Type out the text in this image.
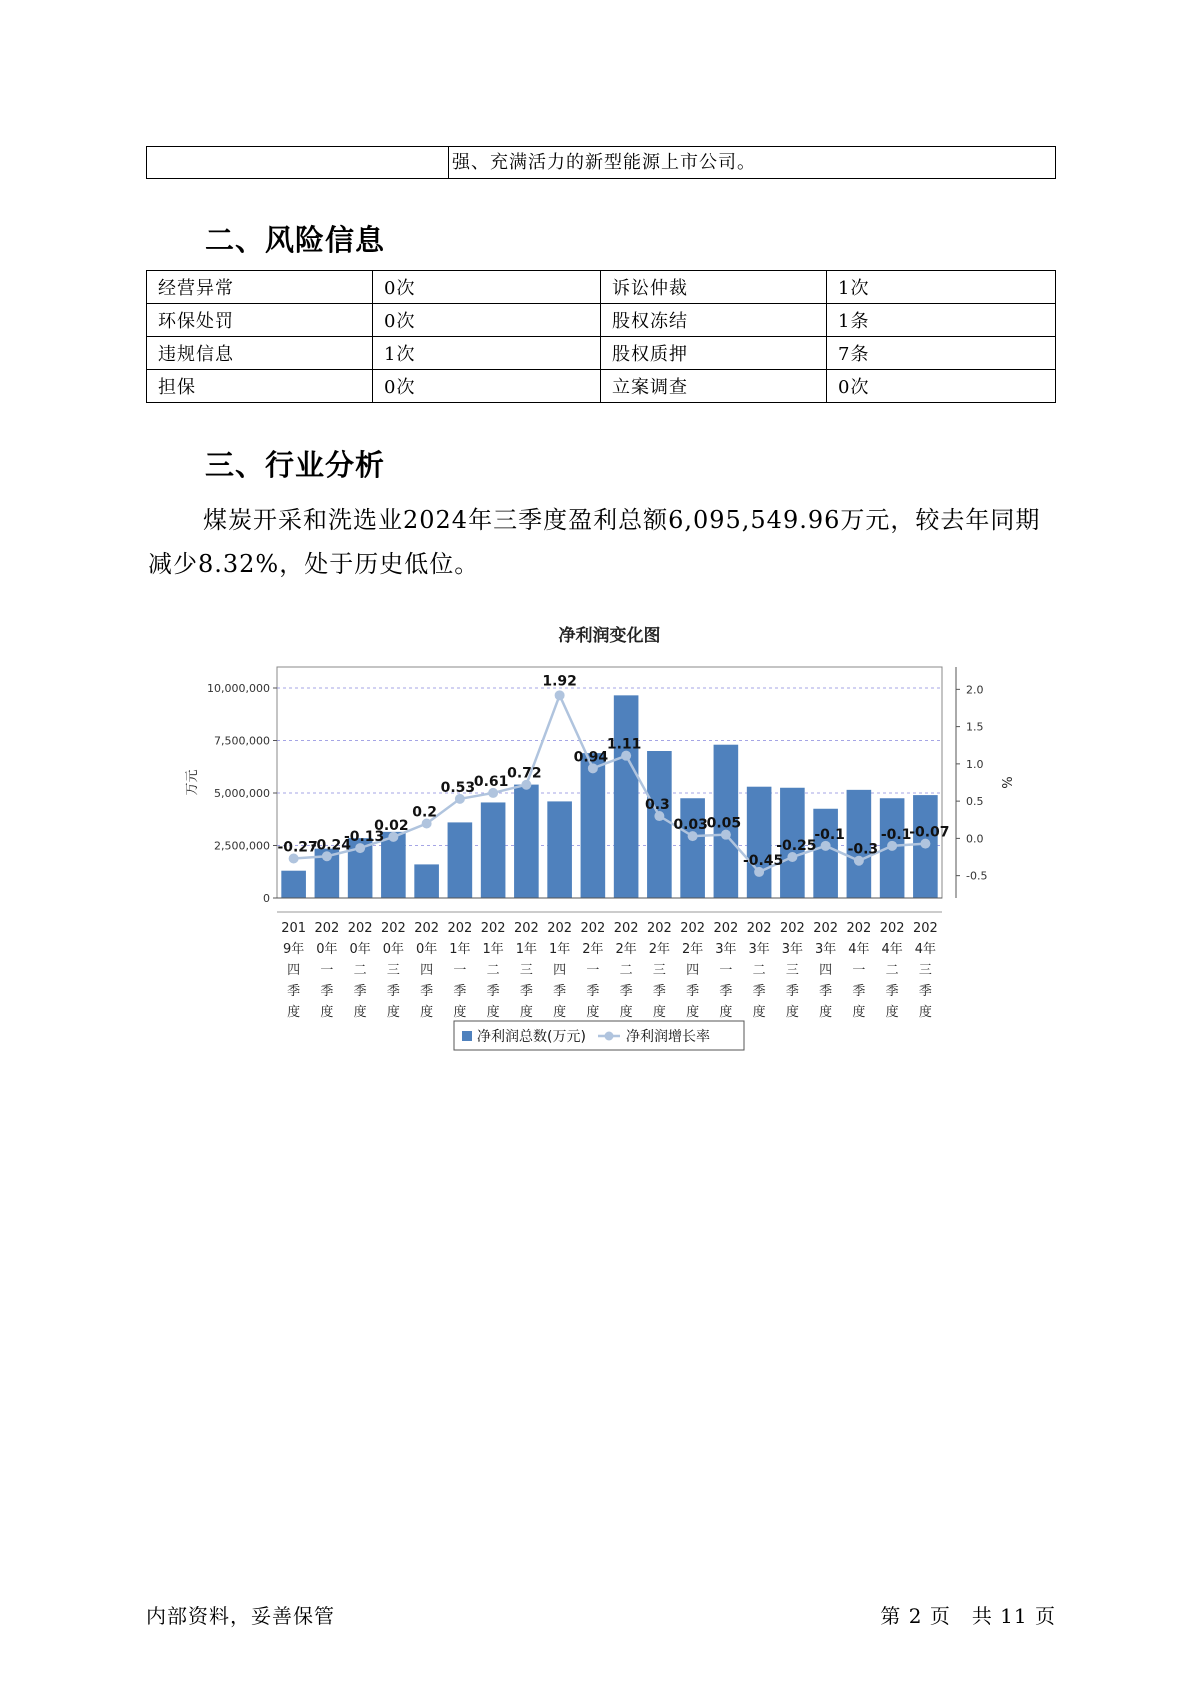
强、充满活力的新型能源上市公司。
二、风险信息
经营异常	0次	诉讼仲裁	1次
环保处罚	0次	股权冻结	1条
违规信息	1次	股权质押	7条
担保	0次	立案调查	0次
三、行业分析

煤炭开采和洗选业2024年三季度盈利总额6,095,549.96万元，较去年同期减少8.32%，处于历史低位。

净利润变化图
0
2,500,000
5,000,000
7,500,000
10,000,000
万元
-0.5
0.0
0.5
1.0
1.5
2.0
%
-0.27
-0.24
-0.13
0.02
0.2
0.53
0.61
0.72
1.92
0.94
1.11
0.3
0.03
0.05
-0.45
-0.25
-0.1
-0.3
-0.1
-0.07
201 9年四季度
202 0年一季度
202 0年二季度
202 0年三季度
202 0年四季度
202 1年一季度
202 1年二季度
202 1年三季度
202 1年四季度
202 2年一季度
202 2年二季度
202 2年三季度
202 2年四季度
202 3年一季度
202 3年二季度
202 3年三季度
202 3年四季度
202 4年一季度
202 4年二季度
202 4年三季度
净利润总数(万元)	净利润增长率
内部资料，妥善保管	第 2 页　共 11 页
